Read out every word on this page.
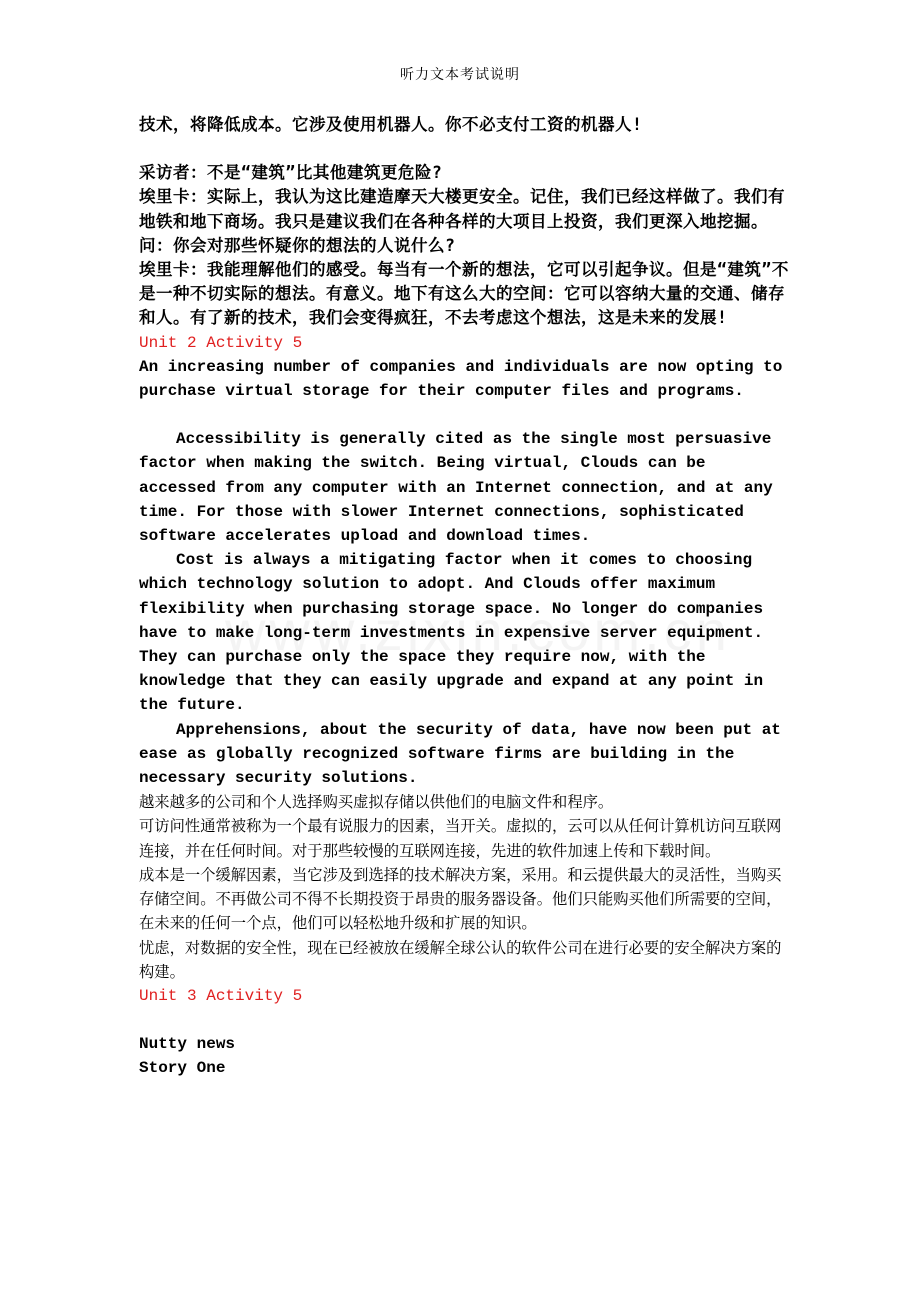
听力文本考试说明

技术，将降低成本。它涉及使用机器人。你不必支付工资的机器人!

采访者：不是“建筑”比其他建筑更危险?

埃里卡：实际上，我认为这比建造摩天大楼更安全。记住，我们已经这样做了。我们有地铁和地下商场。我只是建议我们在各种各样的大项目上投资，我们更深入地挖掘。

问：你会对那些怀疑你的想法的人说什么?

埃里卡：我能理解他们的感受。每当有一个新的想法，它可以引起争议。但是“建筑”不是一种不切实际的想法。有意义。地下有这么大的空间：它可以容纳大量的交通、储存和人。有了新的技术，我们会变得疯狂，不去考虑这个想法，这是未来的发展!

Unit 2 Activity 5

An increasing number of companies and individuals are now opting to purchase virtual storage for their computer files and programs.

Accessibility is generally cited as the single most persuasive factor when making the switch. Being virtual, Clouds can be accessed from any computer with an Internet connection, and at any time. For those with slower Internet connections, sophisticated software accelerates upload and download times.

Cost is always a mitigating factor when it comes to choosing which technology solution to adopt. And Clouds offer maximum flexibility when purchasing storage space. No longer do companies have to make long-term investments in expensive server equipment. They can purchase only the space they require now, with the knowledge that they can easily upgrade and expand at any point in the future.

Apprehensions, about the security of data, have now been put at ease as globally recognized software firms are building in the necessary security solutions.

越来越多的公司和个人选择购买虚拟存储以供他们的电脑文件和程序。

可访问性通常被称为一个最有说服力的因素，当开关。虚拟的，云可以从任何计算机访问互联网连接，并在任何时间。对于那些较慢的互联网连接，先进的软件加速上传和下载时间。

成本是一个缓解因素，当它涉及到选择的技术解决方案，采用。和云提供最大的灵活性，当购买存储空间。不再做公司不得不长期投资于昂贵的服务器设备。他们只能购买他们所需要的空间，在未来的任何一个点，他们可以轻松地升级和扩展的知识。

忧虑，对数据的安全性，现在已经被放在缓解全球公认的软件公司在进行必要的安全解决方案的构建。

Unit 3 Activity 5

Nutty news

Story One
